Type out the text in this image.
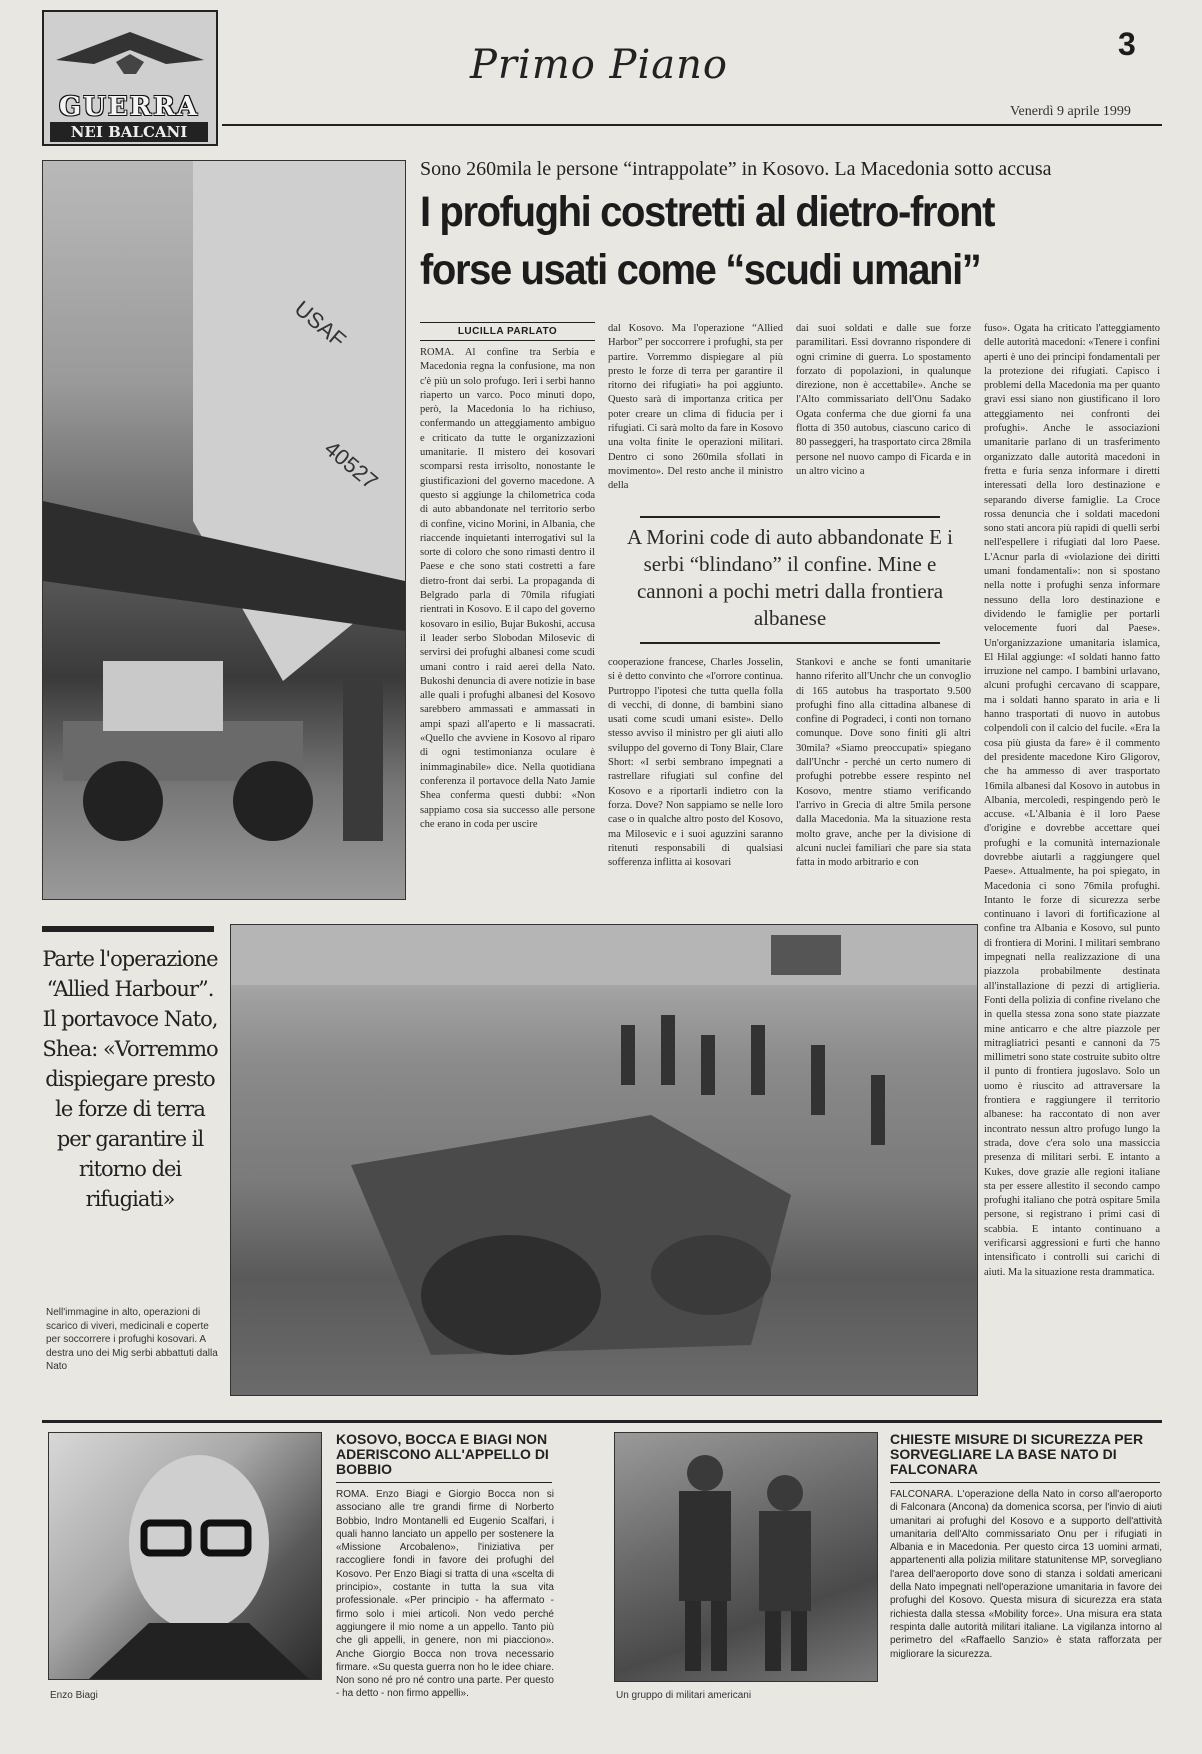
GUERRA
NEI BALCANI
Primo Piano	3
Venerdì 9 aprile 1999
USAF
40527
Sono 260mila le persone “intrappolate” in Kosovo. La Macedonia sotto accusa
I profughi costretti al dietro-front
forse usati come “scudi umani”
LUCILLA PARLATO
ROMA. Al confine tra Serbia e Macedonia regna la confusione, ma non c'è più un solo profugo. Ieri i serbi hanno riaperto un varco. Poco minuti dopo, però, la Macedonia lo ha richiuso, confermando un atteggiamento ambiguo e criticato da tutte le organizzazioni umanitarie. Il mistero dei kosovari scomparsi resta irrisolto, nonostante le giustificazioni del governo macedone. A questo si aggiunge la chilometrica coda di auto abbandonate nel territorio serbo di confine, vicino Morini, in Albania, che riaccende inquietanti interrogativi sul la sorte di coloro che sono rimasti dentro il Paese e che sono stati costretti a fare dietro-front dai serbi. La propaganda di Belgrado parla di 70mila rifugiati rientrati in Kosovo. E il capo del governo kosovaro in esilio, Bujar Bukoshi, accusa il leader serbo Slobodan Milosevic di servirsi dei profughi albanesi come scudi umani contro i raid aerei della Nato. Bukoshi denuncia di avere notizie in base alle quali i profughi albanesi del Kosovo sarebbero ammassati e ammassati in ampi spazi all'aperto e li massacrati. «Quello che avviene in Kosovo al riparo di ogni testimonianza oculare è inimmaginabile» dice. Nella quotidiana conferenza il portavoce della Nato Jamie Shea conferma questi dubbi: «Non sappiamo cosa sia successo alle persone che erano in coda per uscire
dal Kosovo. Ma l'operazione “Allied Harbor” per soccorrere i profughi, sta per partire. Vorremmo dispiegare al più presto le forze di terra per garantire il ritorno dei rifugiati» ha poi aggiunto. Questo sarà di importanza critica per poter creare un clima di fiducia per i rifugiati. Ci sarà molto da fare in Kosovo una volta finite le operazioni militari. Dentro ci sono 260mila sfollati in movimento». Del resto anche il ministro della
dai suoi soldati e dalle sue forze paramilitari. Essi dovranno rispondere di ogni crimine di guerra. Lo spostamento forzato di popolazioni, in qualunque direzione, non è accettabile». Anche se l'Alto commissariato dell'Onu Sadako Ogata conferma che due giorni fa una flotta di 350 autobus, ciascuno carico di 80 passeggeri, ha trasportato circa 28mila persone nel nuovo campo di Ficarda e in un altro vicino a
A Morini code di auto abbandonate E i serbi “blindano” il confine. Mine e cannoni a pochi metri dalla frontiera albanese
cooperazione francese, Charles Josselin, si è detto convinto che «l'orrore continua. Purtroppo l'ipotesi che tutta quella folla di vecchi, di donne, di bambini siano usati come scudi umani esiste». Dello stesso avviso il ministro per gli aiuti allo sviluppo del governo di Tony Blair, Clare Short: «I serbi sembrano impegnati a rastrellare rifugiati sul confine del Kosovo e a riportarli indietro con la forza. Dove? Non sappiamo se nelle loro case o in qualche altro posto del Kosovo, ma Milosevic e i suoi aguzzini saranno ritenuti responsabili di qualsiasi sofferenza inflitta ai kosovari
Stankovi e anche se fonti umanitarie hanno riferito all'Unchr che un convoglio di 165 autobus ha trasportato 9.500 profughi fino alla cittadina albanese di confine di Pogradeci, i conti non tornano comunque. Dove sono finiti gli altri 30mila? «Siamo preoccupati» spiegano dall'Unchr - perché un certo numero di profughi potrebbe essere respinto nel Kosovo, mentre stiamo verificando l'arrivo in Grecia di altre 5mila persone dalla Macedonia. Ma la situazione resta molto grave, anche per la divisione di alcuni nuclei familiari che pare sia stata fatta in modo arbitrario e con
fuso». Ogata ha criticato l'atteggiamento delle autorità macedoni: «Tenere i confini aperti è uno dei principi fondamentali per la protezione dei rifugiati. Capisco i problemi della Macedonia ma per quanto gravi essi siano non giustificano il loro atteggiamento nei confronti dei profughi». Anche le associazioni umanitarie parlano di un trasferimento organizzato dalle autorità macedoni in fretta e furia senza informare i diretti interessati della loro destinazione e separando diverse famiglie. La Croce rossa denuncia che i soldati macedoni sono stati ancora più rapidi di quelli serbi nell'espellere i rifugiati dal loro Paese. L'Acnur parla di «violazione dei diritti umani fondamentali»: non si spostano nella notte i profughi senza informare nessuno della loro destinazione e dividendo le famiglie per portarli velocemente fuori dal Paese». Un'organizzazione umanitaria islamica, El Hilal aggiunge: «I soldati hanno fatto irruzione nel campo. I bambini urlavano, alcuni profughi cercavano di scappare, ma i soldati hanno sparato in aria e li hanno trasportati di nuovo in autobus colpendoli con il calcio del fucile. «Era la cosa più giusta da fare» è il commento del presidente macedone Kiro Gligorov, che ha ammesso di aver trasportato 16mila albanesi dal Kosovo in autobus in Albania, mercoledì, respingendo però le accuse. «L'Albania è il loro Paese d'origine e dovrebbe accettare quei profughi e la comunità internazionale dovrebbe aiutarli a raggiungere quel Paese». Attualmente, ha poi spiegato, in Macedonia ci sono 76mila profughi. Intanto le forze di sicurezza serbe continuano i lavori di fortificazione al confine tra Albania e Kosovo, sul punto di frontiera di Morini. I militari sembrano impegnati nella realizzazione di una piazzola probabilmente destinata all'installazione di pezzi di artiglieria. Fonti della polizia di confine rivelano che in quella stessa zona sono state piazzate mine anticarro e che altre piazzole per mitragliatrici pesanti e cannoni da 75 millimetri sono state costruite subito oltre il punto di frontiera jugoslavo. Solo un uomo è riuscito ad attraversare la frontiera e raggiungere il territorio albanese: ha raccontato di non aver incontrato nessun altro profugo lungo la strada, dove c'era solo una massiccia presenza di militari serbi. E intanto a Kukes, dove grazie alle regioni italiane sta per essere allestito il secondo campo profughi italiano che potrà ospitare 5mila persone, si registrano i primi casi di scabbia. E intanto continuano a verificarsi aggressioni e furti che hanno intensificato i controlli sui carichi di aiuti. Ma la situazione resta drammatica.
Parte l'operazione “Allied Harbour”. Il portavoce Nato, Shea: «Vorremmo dispiegare presto le forze di terra per garantire il ritorno dei rifugiati»
Nell'immagine in alto, operazioni di scarico di viveri, medicinali e coperte per soccorrere i profughi kosovari. A destra uno dei Mig serbi abbattuti dalla Nato
Enzo Biagi
KOSOVO, BOCCA E BIAGI NON ADERISCONO ALL'APPELLO DI BOBBIO
ROMA. Enzo Biagi e Giorgio Bocca non si associano alle tre grandi firme di Norberto Bobbio, Indro Montanelli ed Eugenio Scalfari, i quali hanno lanciato un appello per sostenere la «Missione Arcobaleno», l'iniziativa per raccogliere fondi in favore dei profughi del Kosovo. Per Enzo Biagi si tratta di una «scelta di principio», costante in tutta la sua vita professionale. «Per principio - ha affermato - firmo solo i miei articoli. Non vedo perché aggiungere il mio nome a un appello. Tanto più che gli appelli, in genere, non mi piacciono». Anche Giorgio Bocca non trova necessario firmare. «Su questa guerra non ho le idee chiare. Non sono né pro né contro una parte. Per questo - ha detto - non firmo appelli».	Un gruppo di militari americani
CHIESTE MISURE DI SICUREZZA PER SORVEGLIARE LA BASE NATO DI FALCONARA
FALCONARA. L'operazione della Nato in corso all'aeroporto di Falconara (Ancona) da domenica scorsa, per l'invio di aiuti umanitari ai profughi del Kosovo e a supporto dell'attività umanitaria dell'Alto commissariato Onu per i rifugiati in Albania e in Macedonia. Per questo circa 13 uomini armati, appartenenti alla polizia militare statunitense MP, sorvegliano l'area dell'aeroporto dove sono di stanza i soldati americani della Nato impegnati nell'operazione umanitaria in favore dei profughi del Kosovo. Questa misura di sicurezza era stata richiesta dalla stessa «Mobility force». Una misura era stata respinta dalle autorità militari italiane. La vigilanza intorno al perimetro del «Raffaello Sanzio» è stata rafforzata per migliorare la sicurezza.
